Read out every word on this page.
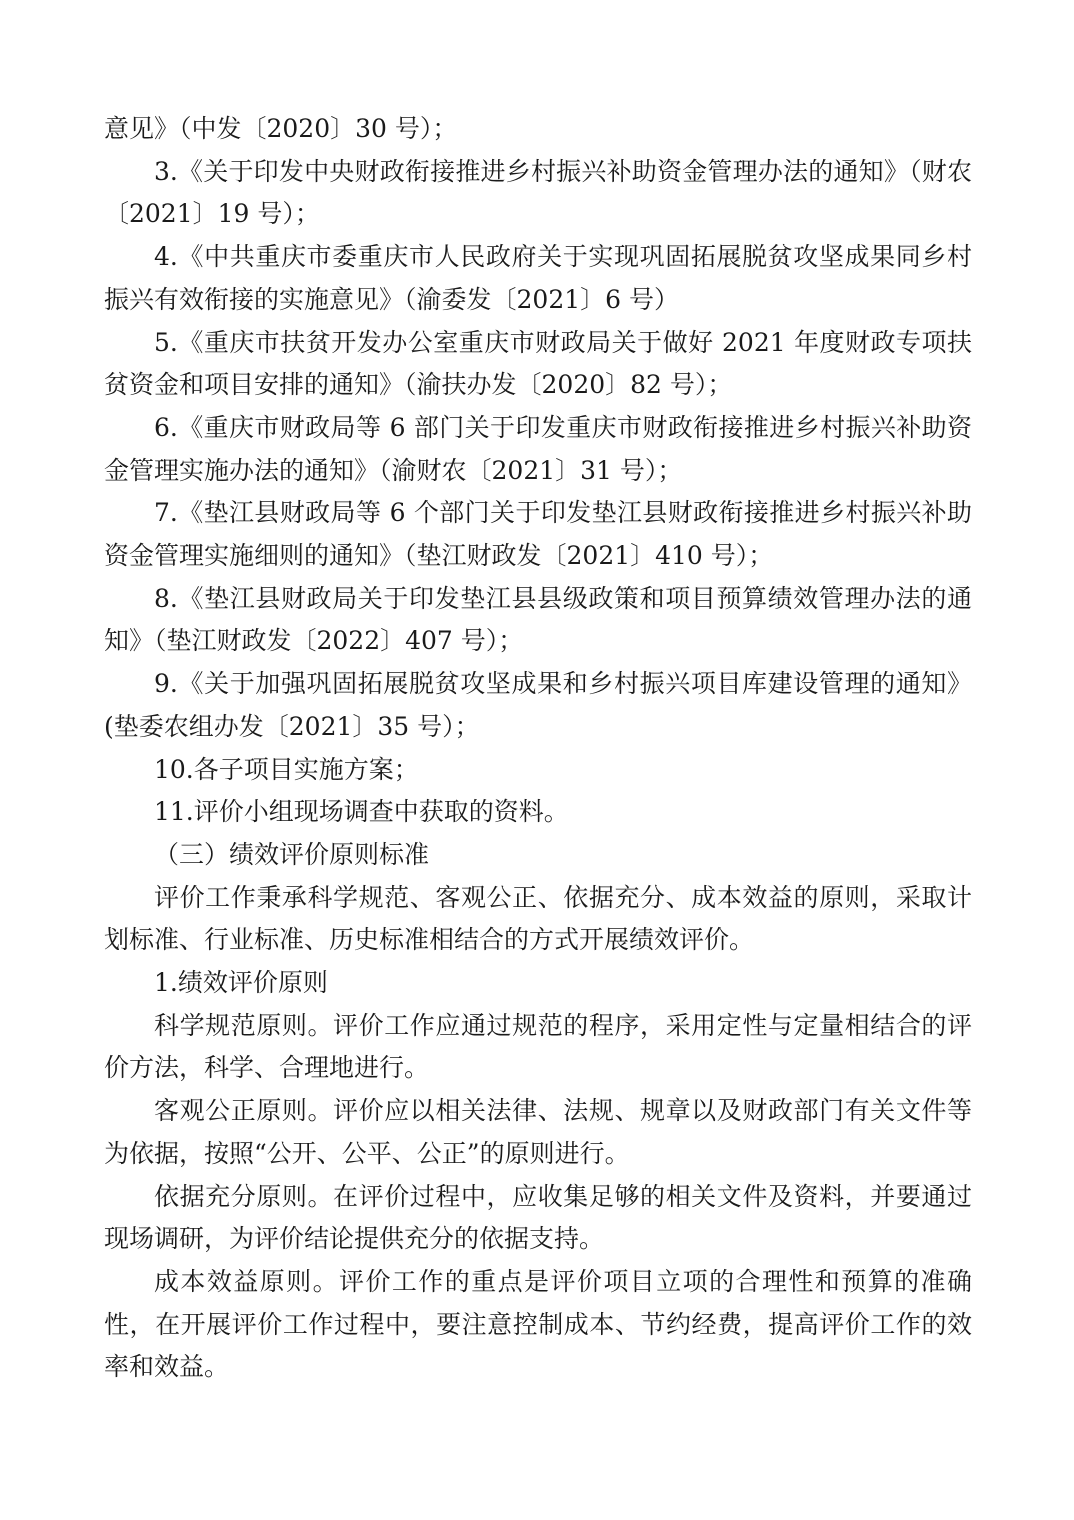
意见》（中发〔2020〕30 号）；

3.《关于印发中央财政衔接推进乡村振兴补助资金管理办法的通知》（财农〔2021〕19 号）；

4.《中共重庆市委重庆市人民政府关于实现巩固拓展脱贫攻坚成果同乡村振兴有效衔接的实施意见》（渝委发〔2021〕6 号）

5.《重庆市扶贫开发办公室重庆市财政局关于做好 2021 年度财政专项扶贫资金和项目安排的通知》（渝扶办发〔2020〕82 号）；

6.《重庆市财政局等 6 部门关于印发重庆市财政衔接推进乡村振兴补助资金管理实施办法的通知》（渝财农〔2021〕31 号）；

7.《垫江县财政局等 6 个部门关于印发垫江县财政衔接推进乡村振兴补助资金管理实施细则的通知》（垫江财政发〔2021〕410 号）；

8.《垫江县财政局关于印发垫江县县级政策和项目预算绩效管理办法的通知》（垫江财政发〔2022〕407 号）；

9.《关于加强巩固拓展脱贫攻坚成果和乡村振兴项目库建设管理的通知》(垫委农组办发〔2021〕35 号）；

10.各子项目实施方案；

11.评价小组现场调查中获取的资料。

（三）绩效评价原则标准

评价工作秉承科学规范、客观公正、依据充分、成本效益的原则，采取计划标准、行业标准、历史标准相结合的方式开展绩效评价。

1.绩效评价原则

科学规范原则。评价工作应通过规范的程序，采用定性与定量相结合的评价方法，科学、合理地进行。

客观公正原则。评价应以相关法律、法规、规章以及财政部门有关文件等为依据，按照“公开、公平、公正”的原则进行。

依据充分原则。在评价过程中，应收集足够的相关文件及资料，并要通过现场调研，为评价结论提供充分的依据支持。

成本效益原则。评价工作的重点是评价项目立项的合理性和预算的准确性，在开展评价工作过程中，要注意控制成本、节约经费，提高评价工作的效率和效益。
